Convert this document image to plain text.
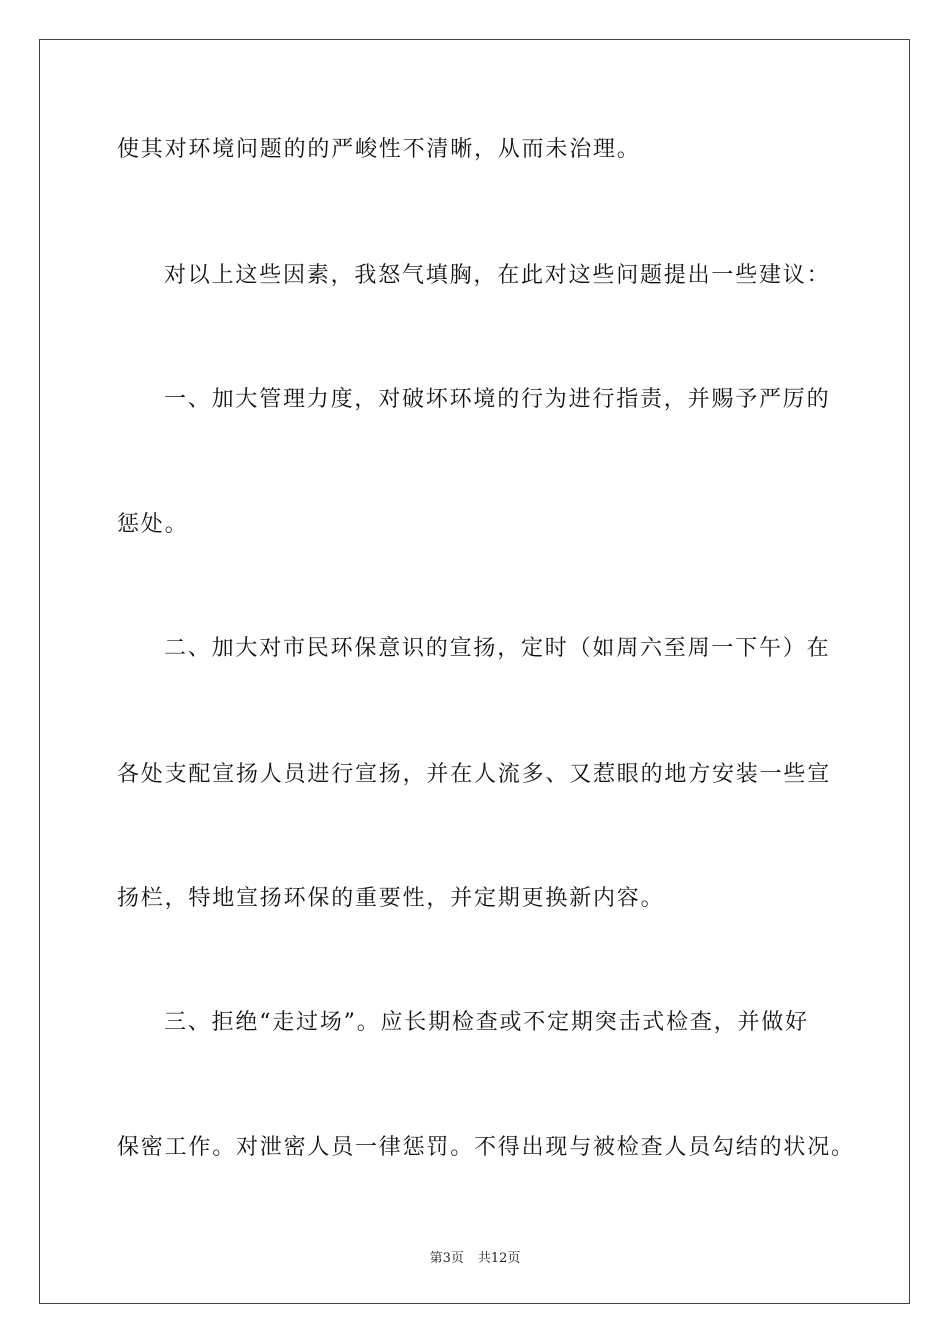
使其对环境问题的的严峻性不清晰，从而未治理。
对以上这些因素，我怒气填胸，在此对这些问题提出一些建议：
一、加大管理力度，对破坏环境的行为进行指责，并赐予严厉的
惩处。
二、加大对市民环保意识的宣扬，定时（如周六至周一下午）在
各处支配宣扬人员进行宣扬，并在人流多、又惹眼的地方安装一些宣
扬栏，特地宣扬环保的重要性，并定期更换新内容。
三、拒绝“走过场”。应长期检查或不定期突击式检查，并做好
保密工作。对泄密人员一律惩罚。不得出现与被检查人员勾结的状况。
第3页 共12页
